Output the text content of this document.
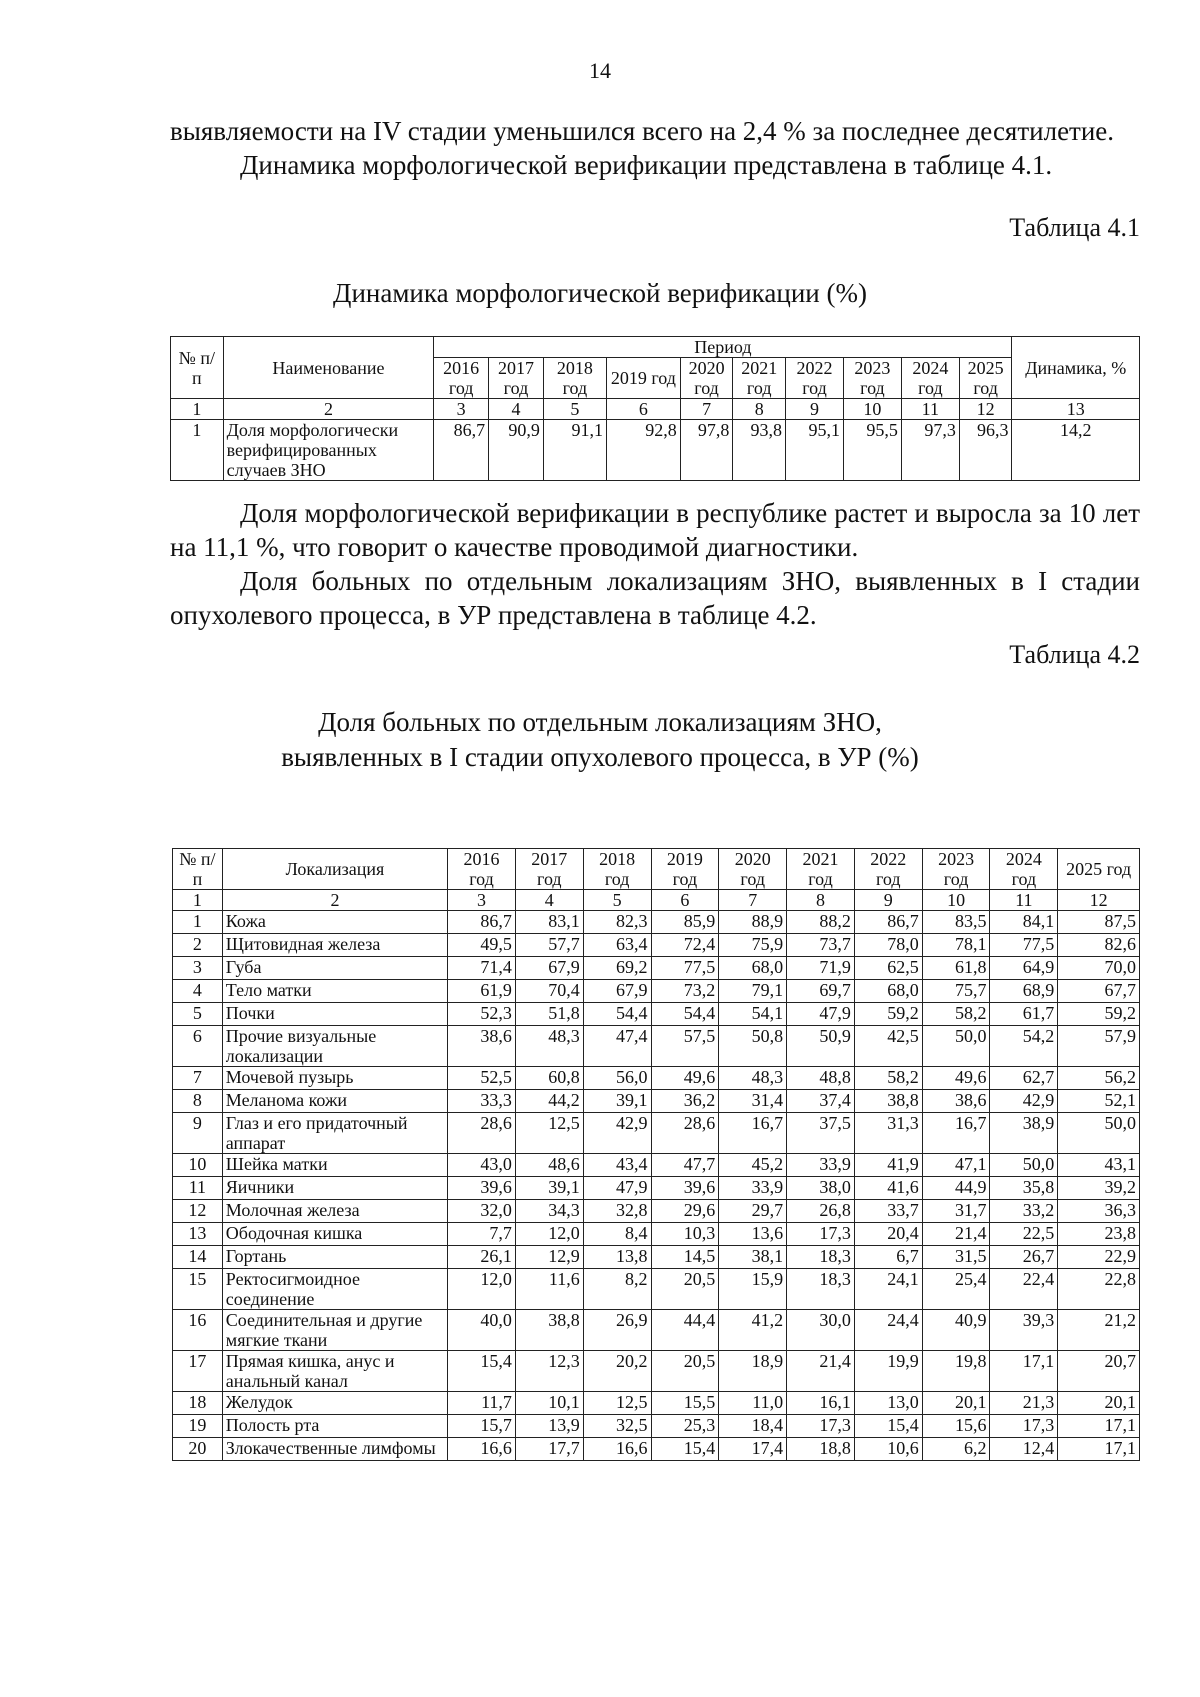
14
выявляемости на IV стадии уменьшился всего на 2,4 % за последнее десятилетие.
Динамика морфологической верификации представлена в таблице 4.1.
Таблица 4.1
Динамика морфологической верификации (%)
№ п/п	Наименование	Период										Динамика, %
		2016 год	2017 год	2018 год	2019 год	2020 год	2021 год	2022 год	2023 год	2024 год	2025 год	
1	2	3	4	5	6	7	8	9	10	11	12	13
1	Доля морфологически верифицированных случаев ЗНО	86,7	90,9	91,1	92,8	97,8	93,8	95,1	95,5	97,3	96,3	14,2
Доля морфологической верификации в республике растет и выросла за 10 лет на 11,1 %, что говорит о качестве проводимой диагностики.
Доля больных по отдельным локализациям ЗНО, выявленных в I стадии опухолевого процесса, в УР представлена в таблице 4.2.
Таблица 4.2
Доля больных по отдельным локализациям ЗНО,
выявленных в I стадии опухолевого процесса, в УР (%)
№ п/п	Локализация	2016 год	2017 год	2018 год	2019 год	2020 год	2021 год	2022 год	2023 год	2024 год	2025 год
1	2	3	4	5	6	7	8	9	10	11	12
1	Кожа	86,7	83,1	82,3	85,9	88,9	88,2	86,7	83,5	84,1	87,5
2	Щитовидная железа	49,5	57,7	63,4	72,4	75,9	73,7	78,0	78,1	77,5	82,6
3	Губа	71,4	67,9	69,2	77,5	68,0	71,9	62,5	61,8	64,9	70,0
4	Тело матки	61,9	70,4	67,9	73,2	79,1	69,7	68,0	75,7	68,9	67,7
5	Почки	52,3	51,8	54,4	54,4	54,1	47,9	59,2	58,2	61,7	59,2
6	Прочие визуальные локализации	38,6	48,3	47,4	57,5	50,8	50,9	42,5	50,0	54,2	57,9
7	Мочевой пузырь	52,5	60,8	56,0	49,6	48,3	48,8	58,2	49,6	62,7	56,2
8	Меланома кожи	33,3	44,2	39,1	36,2	31,4	37,4	38,8	38,6	42,9	52,1
9	Глаз и его придаточный аппарат	28,6	12,5	42,9	28,6	16,7	37,5	31,3	16,7	38,9	50,0
10	Шейка матки	43,0	48,6	43,4	47,7	45,2	33,9	41,9	47,1	50,0	43,1
11	Яичники	39,6	39,1	47,9	39,6	33,9	38,0	41,6	44,9	35,8	39,2
12	Молочная железа	32,0	34,3	32,8	29,6	29,7	26,8	33,7	31,7	33,2	36,3
13	Ободочная кишка	7,7	12,0	8,4	10,3	13,6	17,3	20,4	21,4	22,5	23,8
14	Гортань	26,1	12,9	13,8	14,5	38,1	18,3	6,7	31,5	26,7	22,9
15	Ректосигмоидное соединение	12,0	11,6	8,2	20,5	15,9	18,3	24,1	25,4	22,4	22,8
16	Соединительная и другие мягкие ткани	40,0	38,8	26,9	44,4	41,2	30,0	24,4	40,9	39,3	21,2
17	Прямая кишка, анус и анальный канал	15,4	12,3	20,2	20,5	18,9	21,4	19,9	19,8	17,1	20,7
18	Желудок	11,7	10,1	12,5	15,5	11,0	16,1	13,0	20,1	21,3	20,1
19	Полость рта	15,7	13,9	32,5	25,3	18,4	17,3	15,4	15,6	17,3	17,1
20	Злокачественные лимфомы	16,6	17,7	16,6	15,4	17,4	18,8	10,6	6,2	12,4	17,1
